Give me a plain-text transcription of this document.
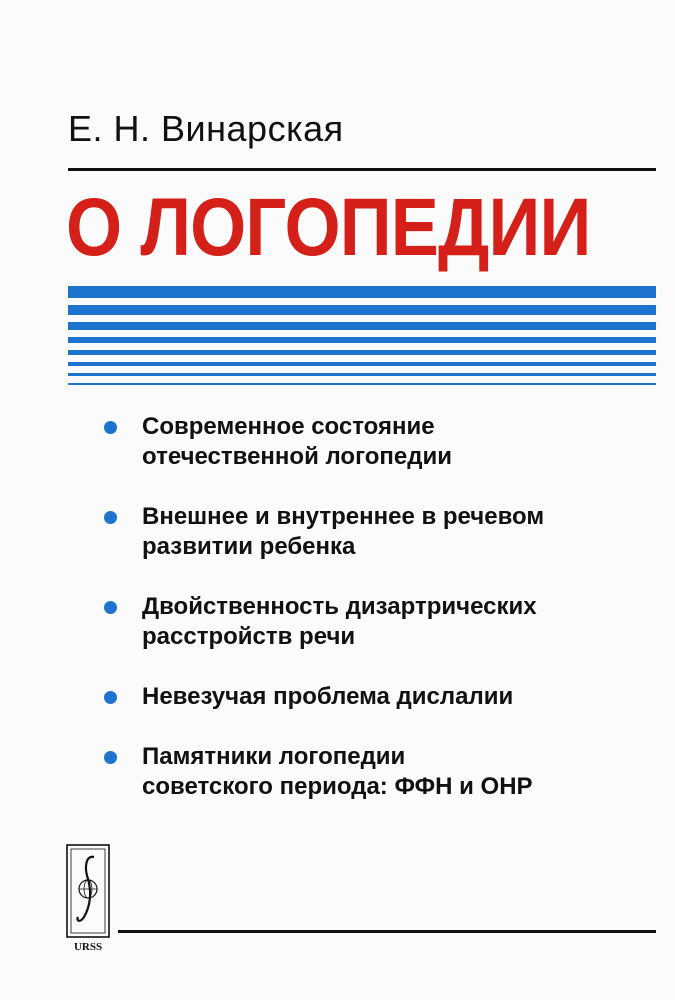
Е. Н. Винарская
О ЛОГОПЕДИИ
Современное состояние
отечественной логопедии
Внешнее и внутреннее в речевом
развитии ребенка
Двойственность дизартрических
расстройств речи
Невезучая проблема дислалии
Памятники логопедии
советского периода: ФФН и ОНР
URSS
